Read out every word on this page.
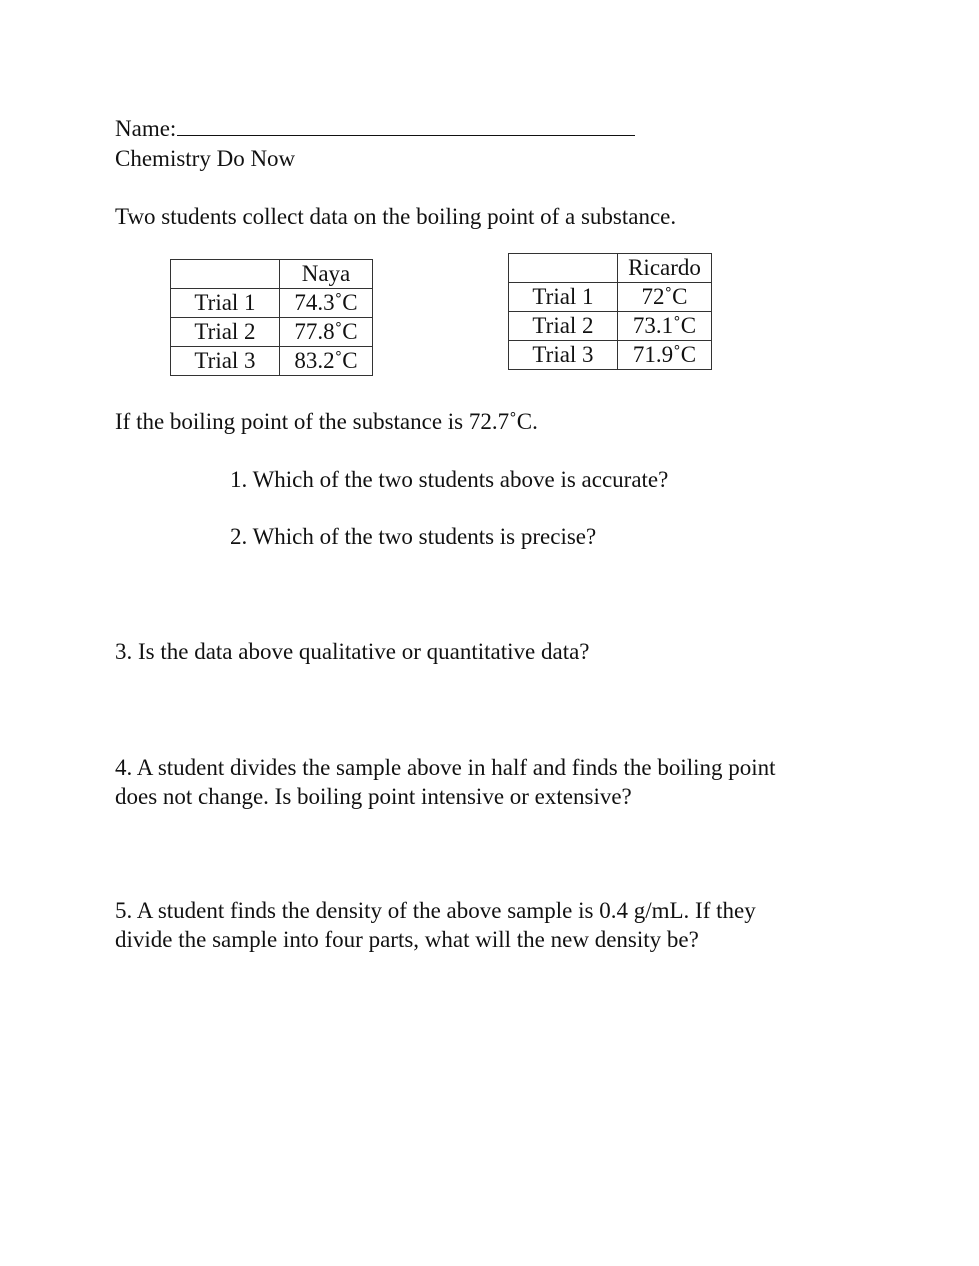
Name:
Chemistry Do Now
Two students collect data on the boiling point of a substance.
	Naya
Trial 1	74.3˚C
Trial 2	77.8˚C
Trial 3	83.2˚C
	Ricardo
Trial 1	72˚C
Trial 2	73.1˚C
Trial 3	71.9˚C
If the boiling point of the substance is 72.7˚C.
1. Which of the two students above is accurate?
2. Which of the two students is precise?
3. Is the data above qualitative or quantitative data?
4. A student divides the sample above in half and finds the boiling point
does not change. Is boiling point intensive or extensive?
5. A student finds the density of the above sample is 0.4 g/mL. If they
divide the sample into four parts, what will the new density be?
